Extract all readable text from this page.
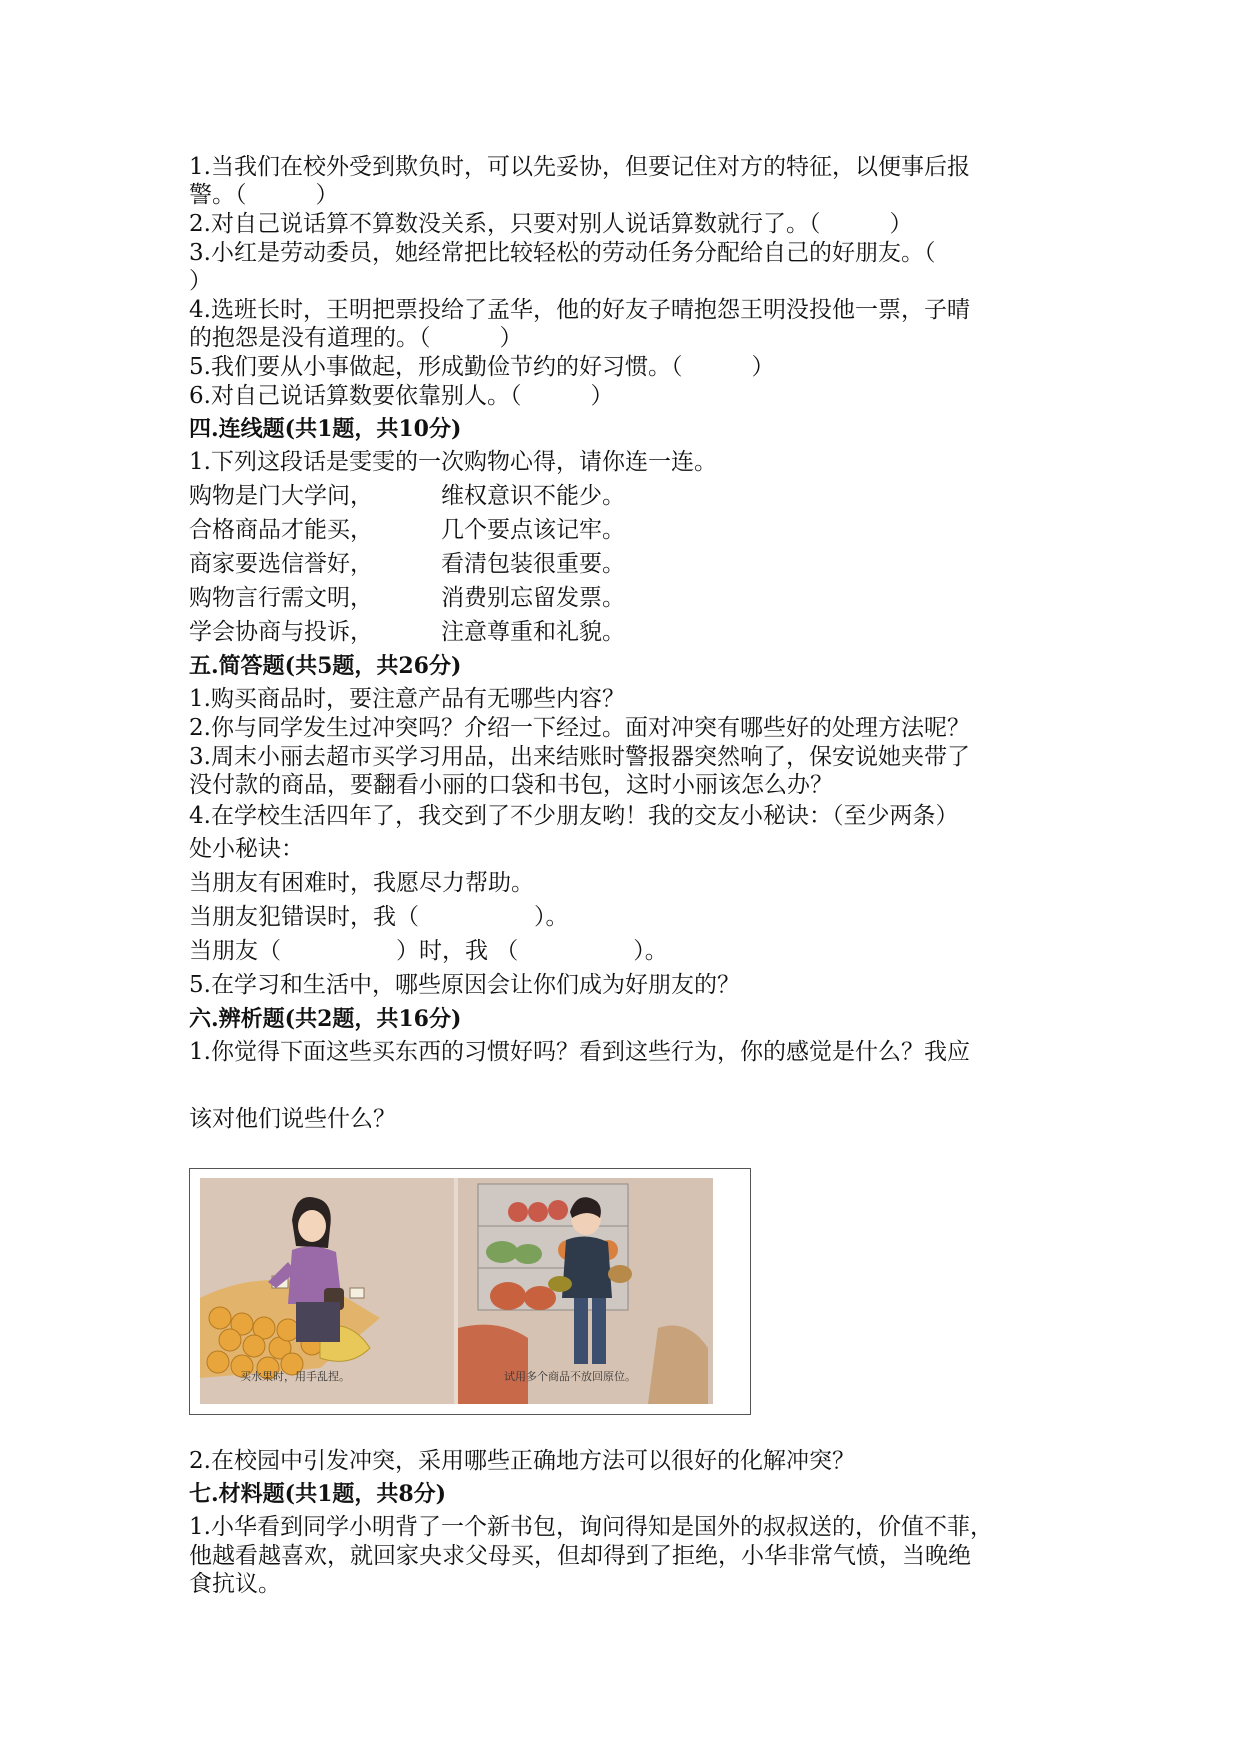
1.当我们在校外受到欺负时，可以先妥协，但要记住对方的特征，以便事后报
警。（　　　）
2.对自己说话算不算数没关系，只要对别人说话算数就行了。（　　　）
3.小红是劳动委员，她经常把比较轻松的劳动任务分配给自己的好朋友。（
）
4.选班长时，王明把票投给了孟华，他的好友子晴抱怨王明没投他一票，子晴
的抱怨是没有道理的。（　　　）
5.我们要从小事做起，形成勤俭节约的好习惯。（　　　）
6.对自己说话算数要依靠别人。（　　　）
四.连线题(共1题，共10分)
1.下列这段话是雯雯的一次购物心得，请你连一连。
购物是门大学问，	维权意识不能少。
合格商品才能买，	几个要点该记牢。
商家要选信誉好，	看清包装很重要。
购物言行需文明，	消费别忘留发票。
学会协商与投诉，	注意尊重和礼貌。
五.简答题(共5题，共26分)
1.购买商品时，要注意产品有无哪些内容？
2.你与同学发生过冲突吗？介绍一下经过。面对冲突有哪些好的处理方法呢？
3.周末小丽去超市买学习用品，出来结账时警报器突然响了，保安说她夹带了
没付款的商品，要翻看小丽的口袋和书包，这时小丽该怎么办？
4.在学校生活四年了，我交到了不少朋友哟！我的交友小秘诀：（至少两条）
处小秘诀：
当朋友有困难时，我愿尽力帮助。
当朋友犯错误时，我（　　　　　）。
当朋友（　　　　　）时，我 （　　　　　）。
5.在学习和生活中，哪些原因会让你们成为好朋友的？
六.辨析题(共2题，共16分)
1.你觉得下面这些买东西的习惯好吗？看到这些行为，你的感觉是什么？我应
该对他们说些什么？
买水果时，用手乱捏。	试用多个商品不放回原位。
2.在校园中引发冲突，采用哪些正确地方法可以很好的化解冲突？
七.材料题(共1题，共8分)
1.小华看到同学小明背了一个新书包，询问得知是国外的叔叔送的，价值不菲，
他越看越喜欢，就回家央求父母买，但却得到了拒绝，小华非常气愤，当晚绝
食抗议。
